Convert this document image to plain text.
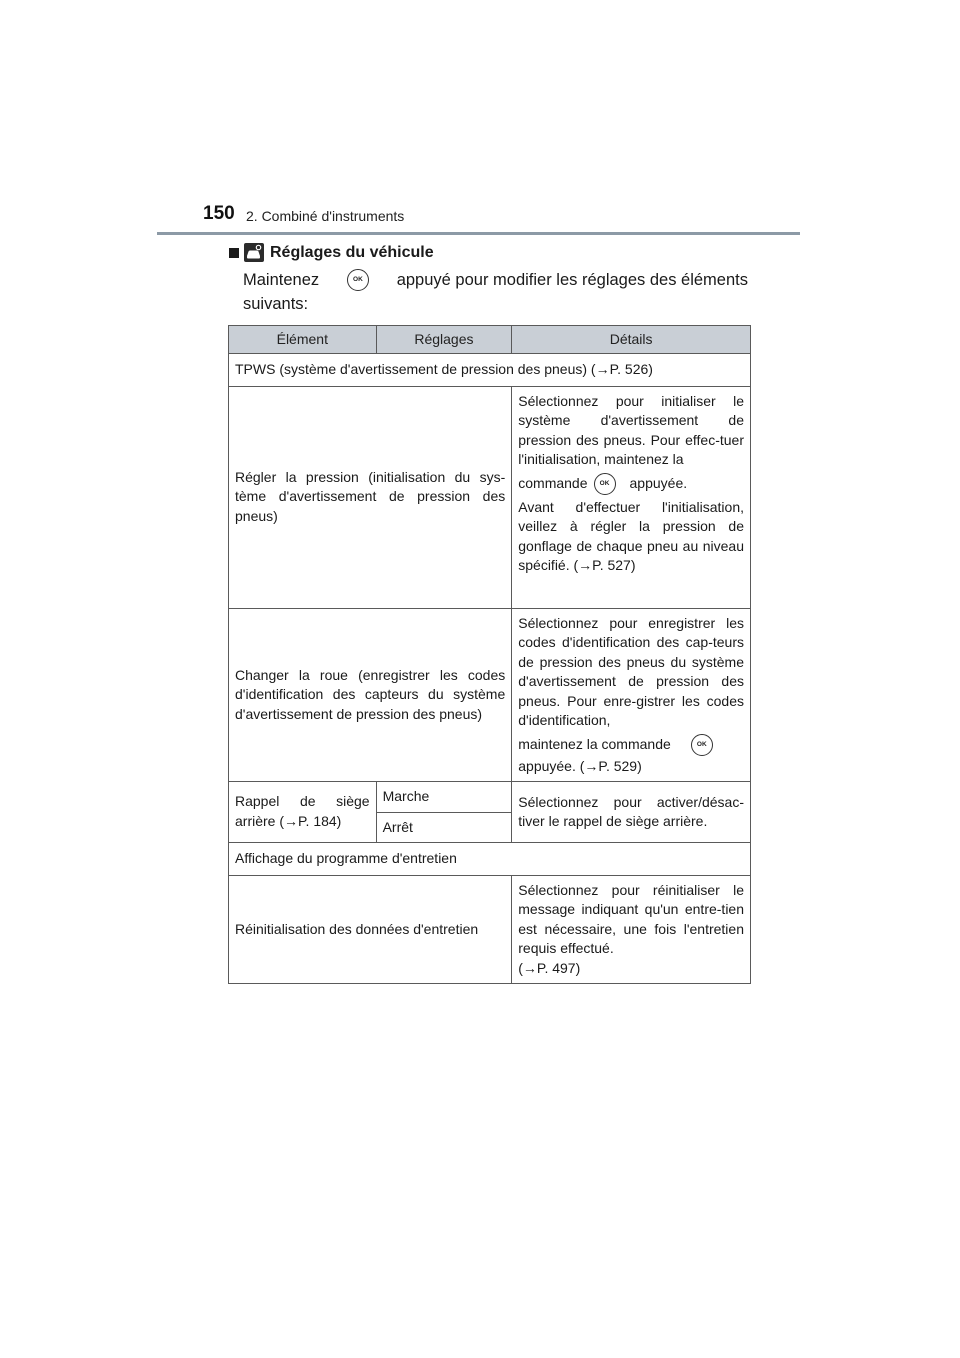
150 2. Combiné d'instruments
Réglages du véhicule
Maintenez	OK	appuyé pour modifier les réglages des éléments
suivants:
Élément	Réglages	Détails
TPWS (système d'avertissement de pression des pneus) (→P. 526)		
Régler la pression (initialisation du sys-tème d'avertissement de pression des pneus)		Sélectionnez pour initialiser le système d'avertissement de pression des pneus. Pour effec-tuer l'initialisation, maintenez la
commande OK appuyée.
Avant d'effectuer l'initialisation, veillez à régler la pression de gonflage de chaque pneu au niveau spécifié. (→P. 527)

Changer la roue (enregistrer les codes d'identification des capteurs du système d'avertissement de pression des pneus)		Sélectionnez pour enregistrer les codes d'identification des cap-teurs de pression des pneus du système d'avertissement de pression des pneus. Pour enre-gistrer les codes d'identification,
maintenez la commande OK
appuyée. (→P. 529)

Rappel de siège arrière (→P. 184)	Marche	Sélectionnez pour activer/désac-tiver le rappel de siège arrière.
	Arrêt	
Affichage du programme d'entretien		
Réinitialisation des données d'entretien		Sélectionnez pour réinitialiser le message indiquant qu'un entre-tien est nécessaire, une fois l'entretien requis effectué.
(→P. 497)
